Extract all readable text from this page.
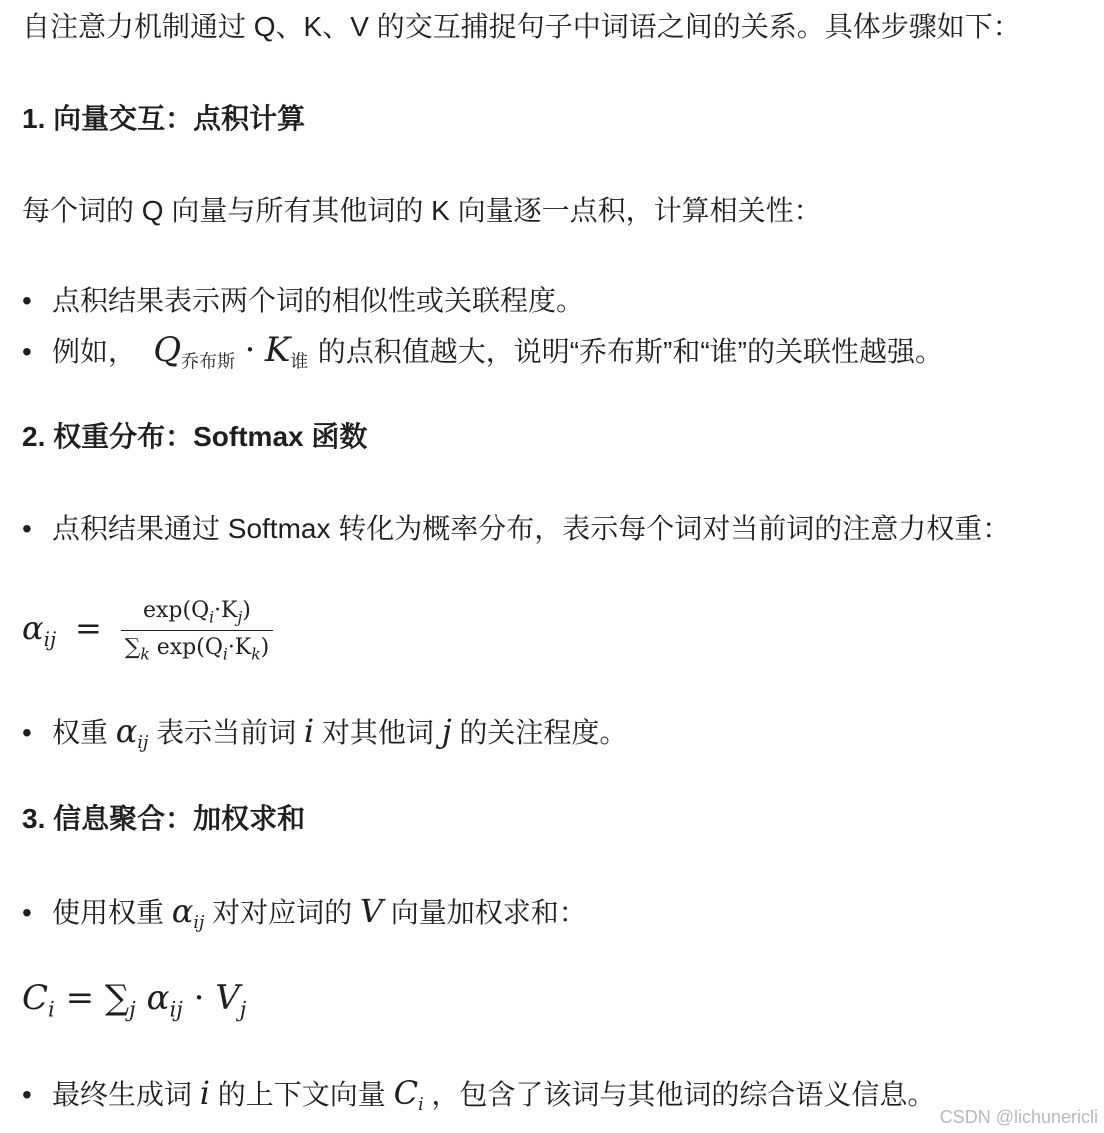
自注意力机制通过 Q、K、V 的交互捕捉句子中词语之间的关系。具体步骤如下：
1. 向量交互：点积计算
每个词的 Q 向量与所有其他词的 K 向量逐一点积，计算相关性：
• 点积结果表示两个词的相似性或关联程度。
• 例如， $Q_{乔布斯} \cdot K_谁$ 的点积值越大，说明“乔布斯”和“谁”的关联性越强。
2. 权重分布：Softmax 函数
• 点积结果通过 Softmax 转化为概率分布，表示每个词对当前词的注意力权重：
$\alpha_{ij} = \frac{\exp(Q_i\cdot K_j)}{\sum_k \exp(Q_i\cdot K_k)}$
• 权重 $\alpha_{ij}$ 表示当前词 i 对其他词 j 的关注程度。
3. 信息聚合：加权求和
• 使用权重 $\alpha_{ij}$ 对对应词的 V 向量加权求和：
$C_i = \sum_j$ $\alpha_{ij} \cdot V_j$
• 最终生成词 i 的上下文向量 $C_i$ ，包含了该词与其他词的综合语义信息。
CSDN @lichunericli
